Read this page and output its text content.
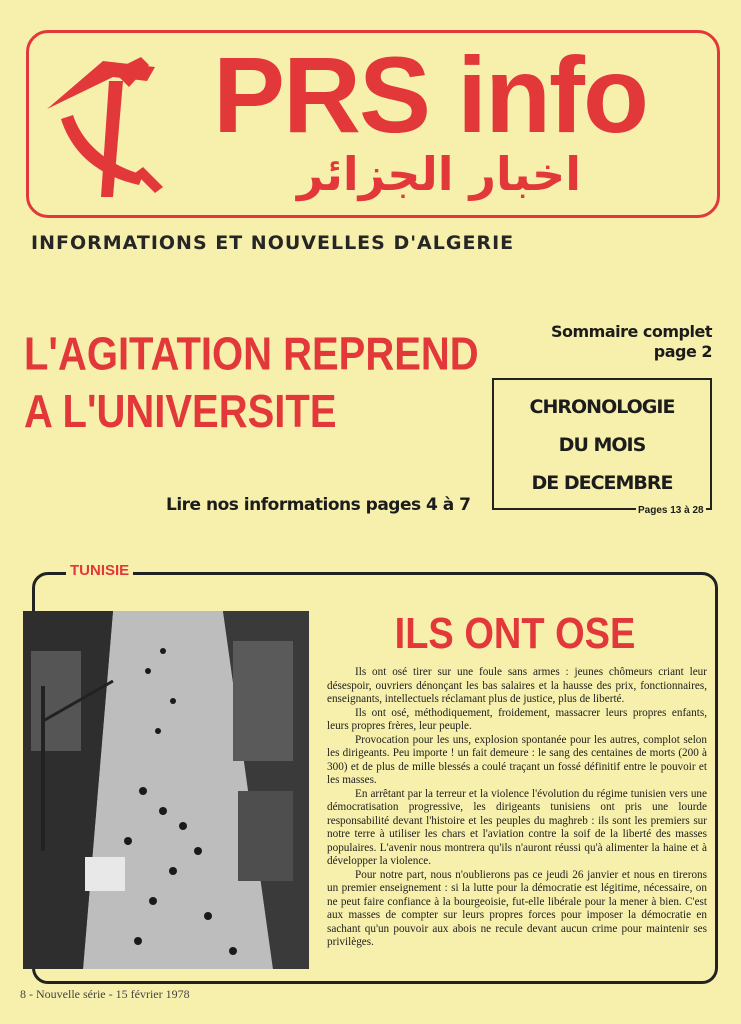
PRS info
اخبار الجزائر
INFORMATIONS ET NOUVELLES D'ALGERIE
L'AGITATION REPREND
A L'UNIVERSITE
Lire nos informations pages 4 à 7
Sommaire complet
page 2
CHRONOLOGIE
DU MOIS
DE DECEMBRE
Pages 13 à 28
TUNISIE
ILS ONT OSE

Ils ont osé tirer sur une foule sans armes : jeunes chômeurs criant leur désespoir, ouvriers dénonçant les bas salaires et la hausse des prix, fonctionnaires, enseignants, intellectuels réclamant plus de justice, plus de liberté.

Ils ont osé, méthodiquement, froidement, massacrer leurs propres enfants, leurs propres frères, leur peuple.

Provocation pour les uns, explosion spontanée pour les autres, complot selon les dirigeants. Peu importe ! un fait demeure : le sang des centaines de morts (200 à 300) et de plus de mille blessés a coulé traçant un fossé définitif entre le pouvoir et les masses.

En arrêtant par la terreur et la violence l'évolution du régime tunisien vers une démocratisation progressive, les dirigeants tunisiens ont pris une lourde responsabilité devant l'histoire et les peuples du maghreb : ils sont les premiers sur notre terre à utiliser les chars et l'aviation contre la soif de la liberté des masses populaires. L'avenir nous montrera qu'ils n'auront réussi qu'à alimenter la haine et à développer la violence.

Pour notre part, nous n'oublierons pas ce jeudi 26 janvier et nous en tirerons un premier enseignement : si la lutte pour la démocratie est légitime, nécessaire, on ne peut faire confiance à la bourgeoisie, fut-elle libérale pour la mener à bien. C'est aux masses de compter sur leurs propres forces pour imposer la démocratie en sachant qu'un pouvoir aux abois ne recule devant aucun crime pour maintenir ses privilèges.

8 - Nouvelle série - 15 février 1978
